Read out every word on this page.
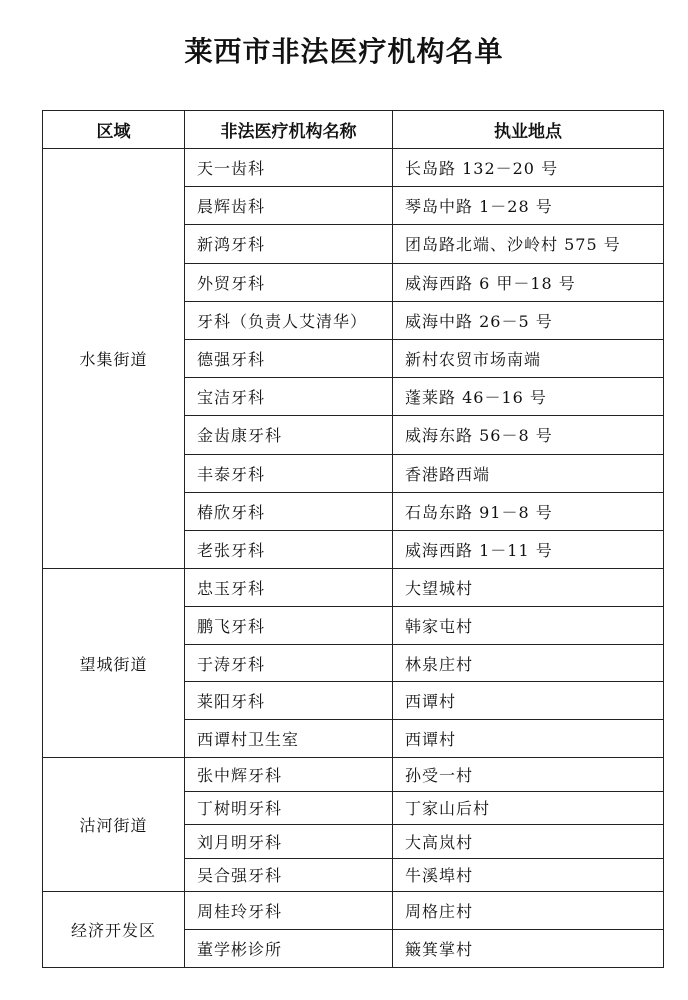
莱西市非法医疗机构名单
区域	非法医疗机构名称	执业地点
水集街道	天一齿科	长岛路 132－20 号
	晨辉齿科	琴岛中路 1－28 号
	新鸿牙科	团岛路北端、沙岭村 575 号
	外贸牙科	威海西路 6 甲－18 号
	牙科（负责人艾清华）	威海中路 26－5 号
	德强牙科	新村农贸市场南端
	宝洁牙科	蓬莱路 46－16 号
	金齿康牙科	威海东路 56－8 号
	丰泰牙科	香港路西端
	椿欣牙科	石岛东路 91－8 号
	老张牙科	威海西路 1－11 号
望城街道	忠玉牙科	大望城村
	鹏飞牙科	韩家屯村
	于涛牙科	林泉庄村
	莱阳牙科	西谭村
	西谭村卫生室	西谭村
沽河街道	张中辉牙科	孙受一村
	丁树明牙科	丁家山后村
	刘月明牙科	大高岚村
	吴合强牙科	牛溪埠村
经济开发区	周桂玲牙科	周格庄村
	董学彬诊所	簸箕掌村
